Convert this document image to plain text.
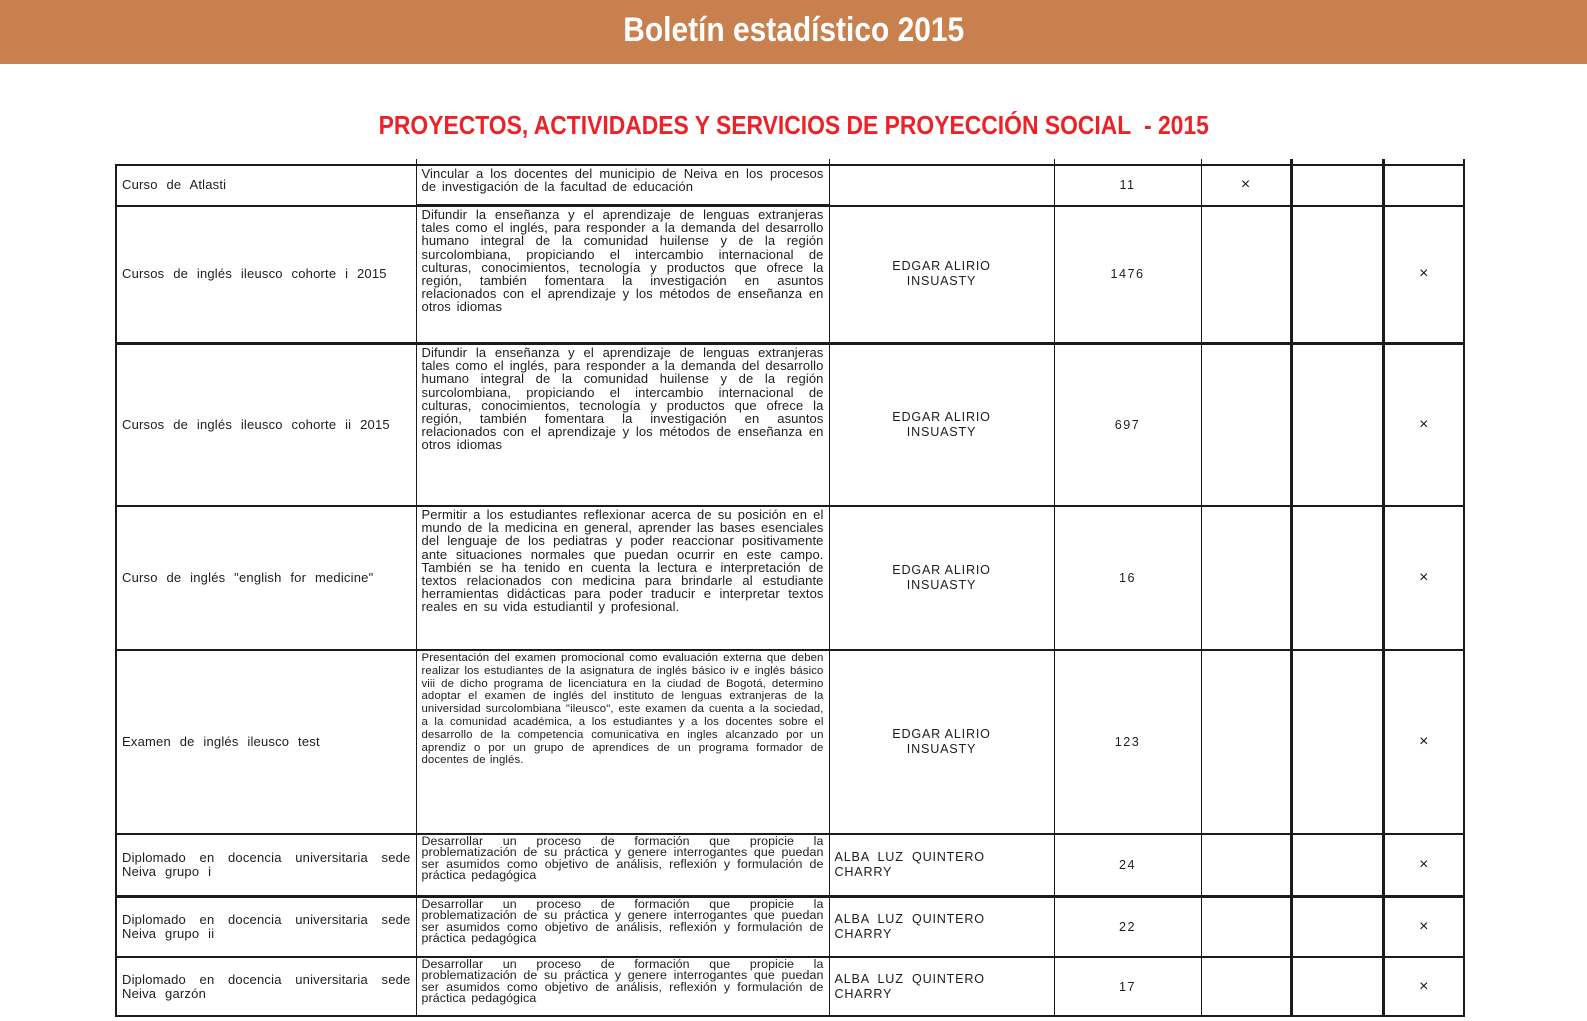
Boletín estadístico 2015
PROYECTOS, ACTIVIDADES Y SERVICIOS DE PROYECCIÓN SOCIAL  - 2015

Curso de Atlasti	Vincular a los docentes del municipio de Neiva en los procesos de investigación de la facultad de educación		11	×		
Cursos de inglés ileusco cohorte i 2015	Difundir la enseñanza y el aprendizaje de lenguas extranjeras tales como el inglés, para responder a la demanda del desarrollo humano integral de la comunidad huilense y de la región surcolombiana, propiciando el intercambio internacional de culturas, conocimientos, tecnología y productos que ofrece la región, también fomentara la investigación en asuntos relacionados con el aprendizaje y los métodos de enseñanza en otros idiomas	EDGAR ALIRIO
INSUASTY	1476			×
Cursos de inglés ileusco cohorte ii 2015	Difundir la enseñanza y el aprendizaje de lenguas extranjeras tales como el inglés, para responder a la demanda del desarrollo humano integral de la comunidad huilense y de la región surcolombiana, propiciando el intercambio internacional de culturas, conocimientos, tecnología y productos que ofrece la región, también fomentara la investigación en asuntos relacionados con el aprendizaje y los métodos de enseñanza en otros idiomas	EDGAR ALIRIO
INSUASTY	697			×
Curso de inglés "english for medicine"	Permitir a los estudiantes reflexionar acerca de su posición en el mundo de la medicina en general, aprender las bases esenciales del lenguaje de los pediatras y poder reaccionar positivamente ante situaciones normales que puedan ocurrir en este campo. También se ha tenido en cuenta la lectura e interpretación de textos relacionados con medicina para brindarle al estudiante herramientas didácticas para poder traducir e interpretar textos reales en su vida estudiantil y profesional.	EDGAR ALIRIO
INSUASTY	16			×
Examen de inglés ileusco test	Presentación del examen promocional como evaluación externa que deben realizar los estudiantes de la asignatura de inglés básico iv e inglés básico viii de dicho programa de licenciatura en la ciudad de Bogotá, determino adoptar el examen de inglés del instituto de lenguas extranjeras de la universidad surcolombiana "ileusco", este examen da cuenta a la sociedad, a la comunidad académica, a los estudiantes y a los docentes sobre el desarrollo de la competencia comunicativa en ingles alcanzado por un aprendiz o por un grupo de aprendices de un programa formador de docentes de inglés.	EDGAR ALIRIO
INSUASTY	123			×
Diplomado en docencia universitaria sede Neiva grupo i	Desarrollar un proceso de formación que propicie la problematización de su práctica y genere interrogantes que puedan ser asumidos como objetivo de análisis, reflexión y formulación de práctica pedagógica	ALBA LUZ QUINTERO
CHARRY	24			×
Diplomado en docencia universitaria sede Neiva grupo ii	Desarrollar un proceso de formación que propicie la problematización de su práctica y genere interrogantes que puedan ser asumidos como objetivo de análisis, reflexión y formulación de práctica pedagógica	ALBA LUZ QUINTERO
CHARRY	22			×
Diplomado en docencia universitaria sede Neiva garzón	Desarrollar un proceso de formación que propicie la problematización de su práctica y genere interrogantes que puedan ser asumidos como objetivo de análisis, reflexión y formulación de práctica pedagógica	ALBA LUZ QUINTERO
CHARRY	17			×
